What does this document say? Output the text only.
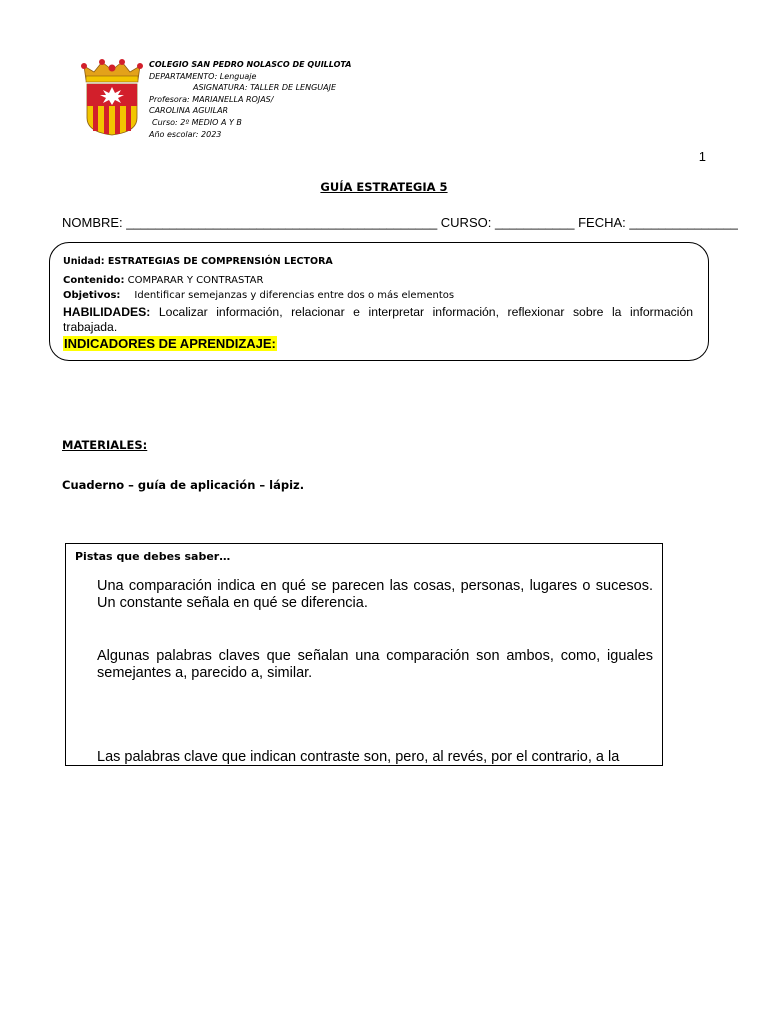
COLEGIO SAN PEDRO NOLASCO DE QUILLOTA
DEPARTAMENTO: Lenguaje
ASIGNATURA: TALLER DE LENGUAJE
Profesora: MARIANELLA ROJAS/
CAROLINA AGUILAR
Curso: 2º MEDIO A Y B
Año escolar: 2023
1
GUÍA ESTRATEGIA 5
NOMBRE: ___________________________________________ CURSO: ___________ FECHA: _______________
Unidad: ESTRATEGIAS DE COMPRENSIÓN LECTORA
Contenido: COMPARAR Y CONTRASTAR
Objetivos: Identificar semejanzas y diferencias entre dos o más elementos
HABILIDADES: Localizar información, relacionar e interpretar información, reflexionar sobre la información trabajada.
INDICADORES DE APRENDIZAJE:
MATERIALES:
Cuaderno – guía de aplicación – lápiz.
Pistas que debes saber…
Una comparación indica en qué se parecen las cosas, personas, lugares o sucesos. Un constante señala en qué se diferencia.
Algunas palabras claves que señalan una comparación son ambos, como, iguales semejantes a, parecido a, similar.
Las palabras clave que indican contraste son, pero, al revés, por el contrario, a la
